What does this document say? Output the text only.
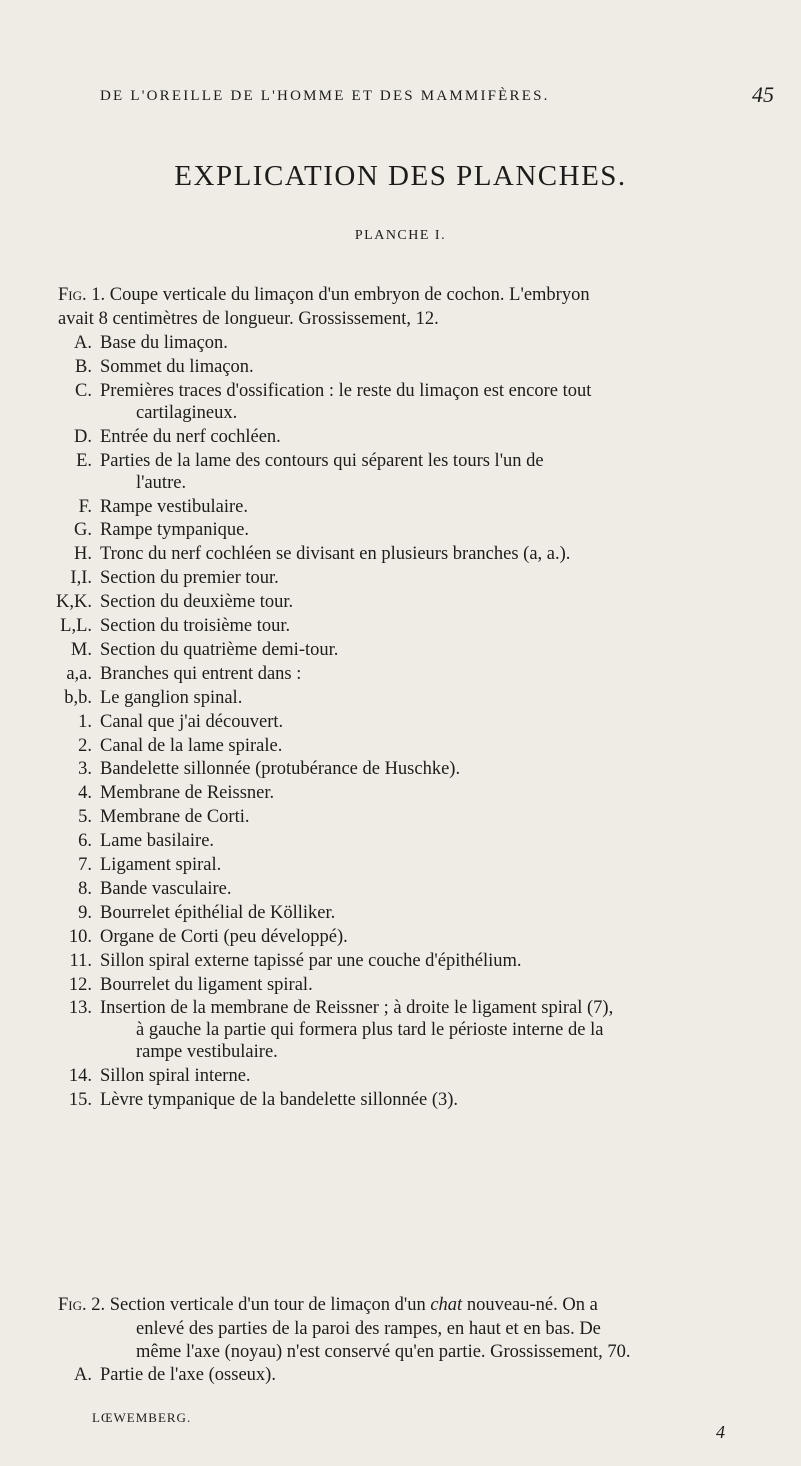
DE L'OREILLE DE L'HOMME ET DES MAMMIFÈRES.	45
EXPLICATION DES PLANCHES.
PLANCHE I.
Fig. 1. Coupe verticale du limaçon d'un embryon de cochon. L'embryon
avait 8 centimètres de longueur. Grossissement, 12.
A. Base du limaçon.
B. Sommet du limaçon.
C. Premières traces d'ossification : le reste du limaçon est encore tout
cartilagineux.
D. Entrée du nerf cochléen.
E. Parties de la lame des contours qui séparent les tours l'un de
l'autre.
F. Rampe vestibulaire.
G. Rampe tympanique.
H. Tronc du nerf cochléen se divisant en plusieurs branches (a, a.).
I,I. Section du premier tour.
K,K. Section du deuxième tour.
L,L. Section du troisième tour.
M. Section du quatrième demi-tour.
a,a. Branches qui entrent dans :
b,b. Le ganglion spinal.
1. Canal que j'ai découvert.
2. Canal de la lame spirale.
3. Bandelette sillonnée (protubérance de Huschke).
4. Membrane de Reissner.
5. Membrane de Corti.
6. Lame basilaire.
7. Ligament spiral.
8. Bande vasculaire.
9. Bourrelet épithélial de Kölliker.
10. Organe de Corti (peu développé).
11. Sillon spiral externe tapissé par une couche d'épithélium.
12. Bourrelet du ligament spiral.
13. Insertion de la membrane de Reissner ; à droite le ligament spiral (7),
à gauche la partie qui formera plus tard le périoste interne de la
rampe vestibulaire.
14. Sillon spiral interne.
15. Lèvre tympanique de la bandelette sillonnée (3).
Fig. 2. Section verticale d'un tour de limaçon d'un chat nouveau-né. On a
enlevé des parties de la paroi des rampes, en haut et en bas. De
même l'axe (noyau) n'est conservé qu'en partie. Grossissement, 70.
A. Partie de l'axe (osseux).
LŒWEMBERG.
4
